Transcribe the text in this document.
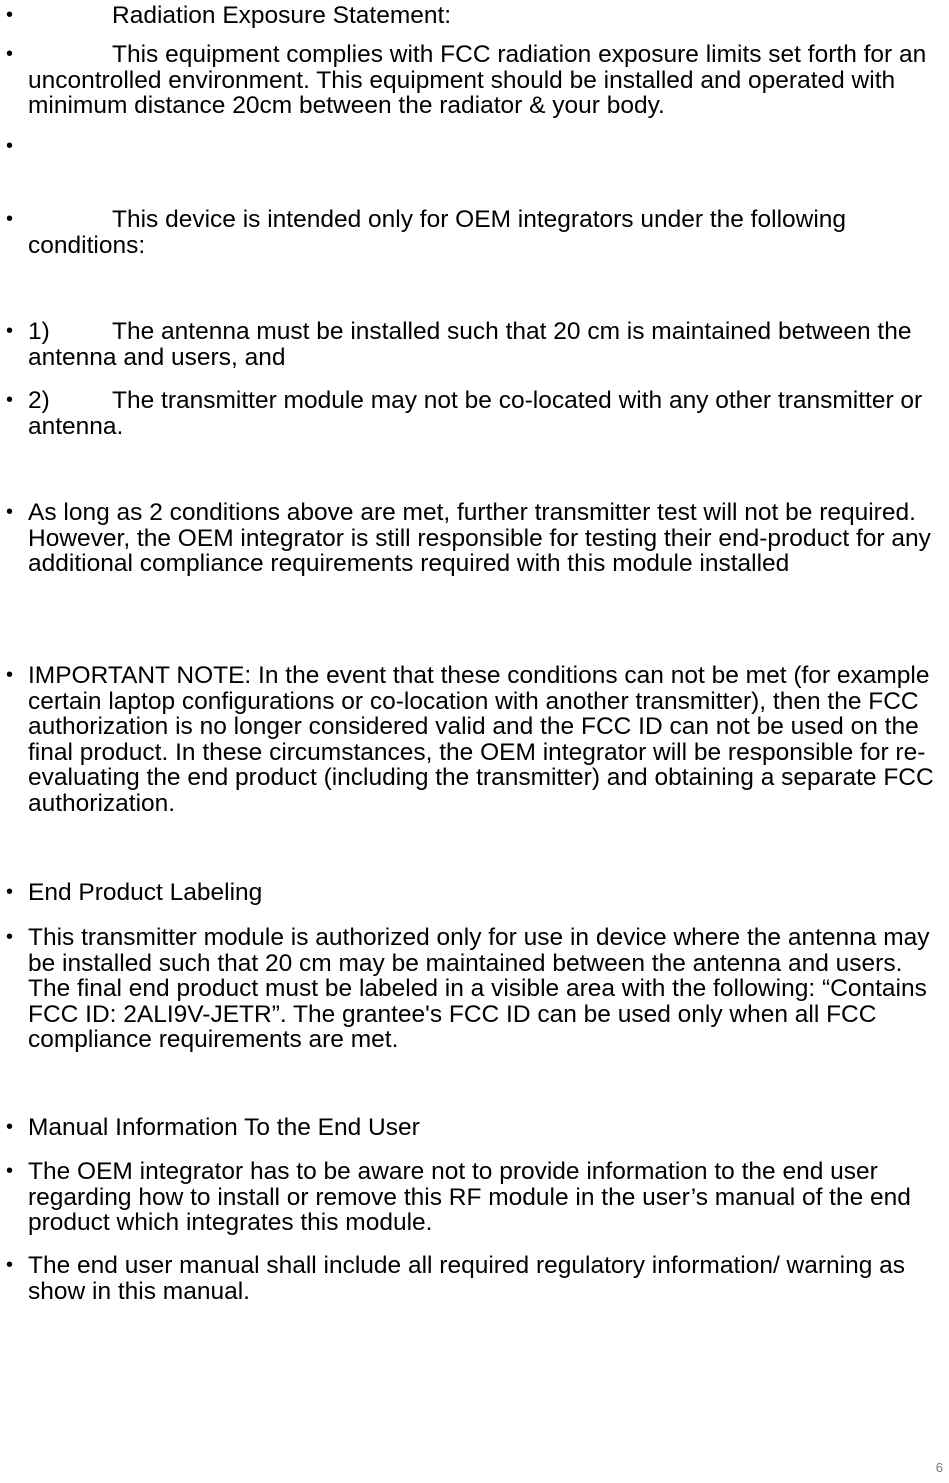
•	Radiation Exposure Statement:
•	This equipment complies with FCC radiation exposure limits set forth for an uncontrolled environment. This equipment should be installed and operated with minimum distance 20cm between the radiator & your body.
•
•	This device is intended only for OEM integrators under the following conditions:
• 1)	The antenna must be installed such that 20 cm is maintained between the antenna and users, and
• 2)	The transmitter module may not be co-located with any other transmitter or antenna.
• As long as 2 conditions above are met, further transmitter test will not be required. However, the OEM integrator is still responsible for testing their end-product for any additional compliance requirements required with this module installed
• IMPORTANT NOTE: In the event that these conditions can not be met (for example certain laptop configurations or co-location with another transmitter), then the FCC authorization is no longer considered valid and the FCC ID can not be used on the final product. In these circumstances, the OEM integrator will be responsible for re-evaluating the end product (including the transmitter) and obtaining a separate FCC authorization.
• End Product Labeling
• This transmitter module is authorized only for use in device where the antenna may be installed such that 20 cm may be maintained between the antenna and users. The final end product must be labeled in a visible area with the following: “Contains FCC ID: 2ALI9V-JETR”. The grantee's FCC ID can be used only when all FCC compliance requirements are met.
• Manual Information To the End User
• The OEM integrator has to be aware not to provide information to the end user regarding how to install or remove this RF module in the user’s manual of the end product which integrates this module.
• The end user manual shall include all required regulatory information/ warning as show in this manual.
6
